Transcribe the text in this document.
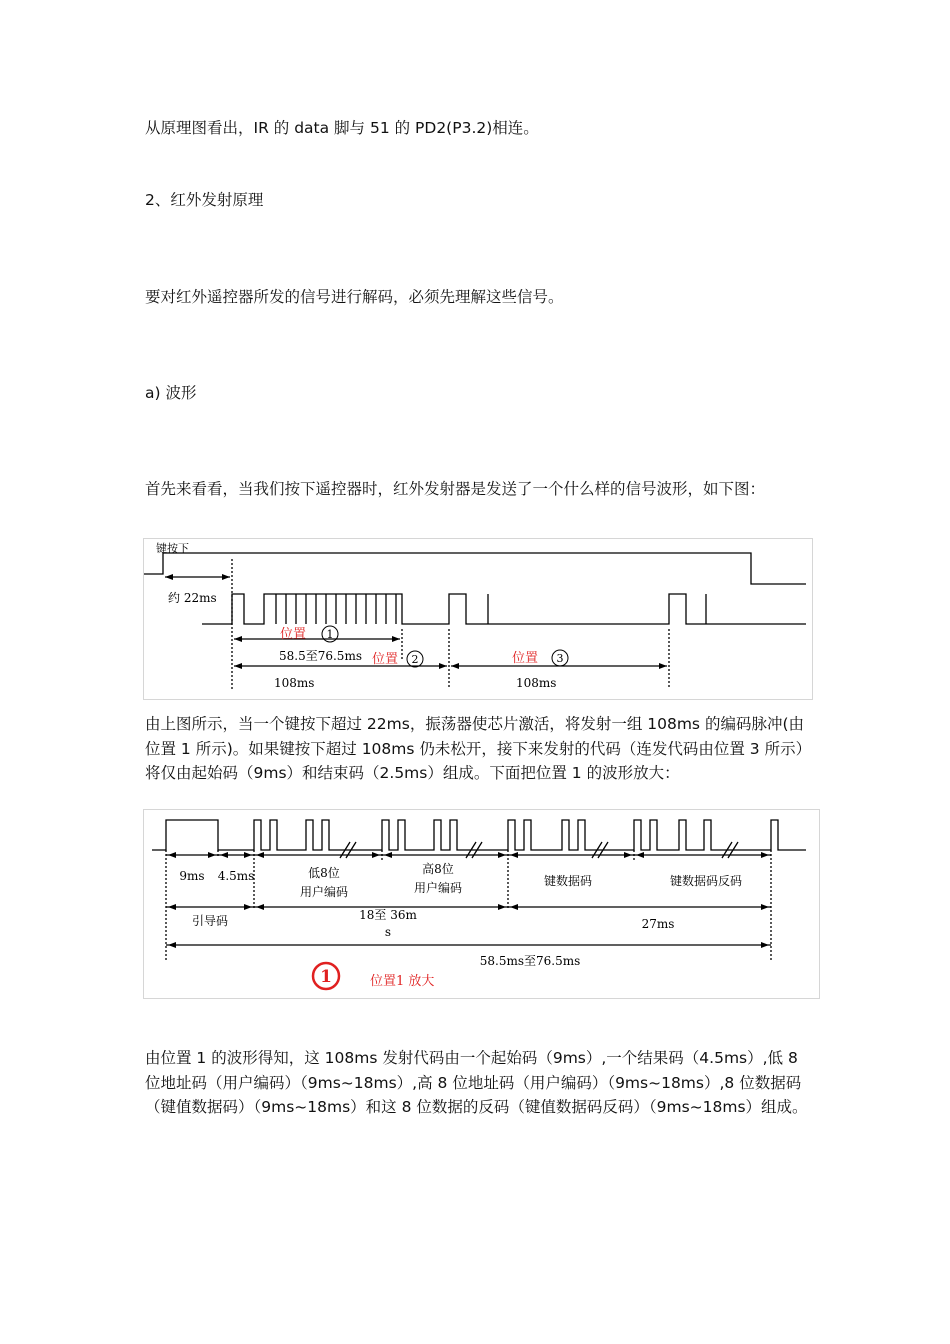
从原理图看出，IR 的 data 脚与 51 的 PD2(P3.2)相连。

2、红外发射原理

要对红外遥控器所发的信号进行解码，必须先理解这些信号。

a) 波形

首先来看看，当我们按下遥控器时，红外发射器是发送了一个什么样的信号波形，如下图：

键按下
约 22ms
位置 1
58.5至76.5ms 位置 2	位置 3
108ms	108ms

由上图所示，当一个键按下超过 22ms，振荡器使芯片激活，将发射一组 108ms 的编码脉冲(由位置 1 所示)。如果键按下超过 108ms 仍未松开，接下来发射的代码（连发代码由位置 3 所示）将仅由起始码（9ms）和结束码（2.5ms）组成。下面把位置 1 的波形放大：

9ms 4.5ms	低8位
用户编码
高8位
用户编码	键数据码	键数据码反码
引导码	18至 36m
s
27ms
58.5ms至76.5ms
1	位置1 放大

由位置 1 的波形得知，这 108ms 发射代码由一个起始码（9ms）,一个结果码（4.5ms）,低 8 位地址码（用户编码）（9ms~18ms）,高 8 位地址码（用户编码）（9ms~18ms）,8 位数据码（键值数据码）（9ms~18ms）和这 8 位数据的反码（键值数据码反码）（9ms~18ms）组成。
